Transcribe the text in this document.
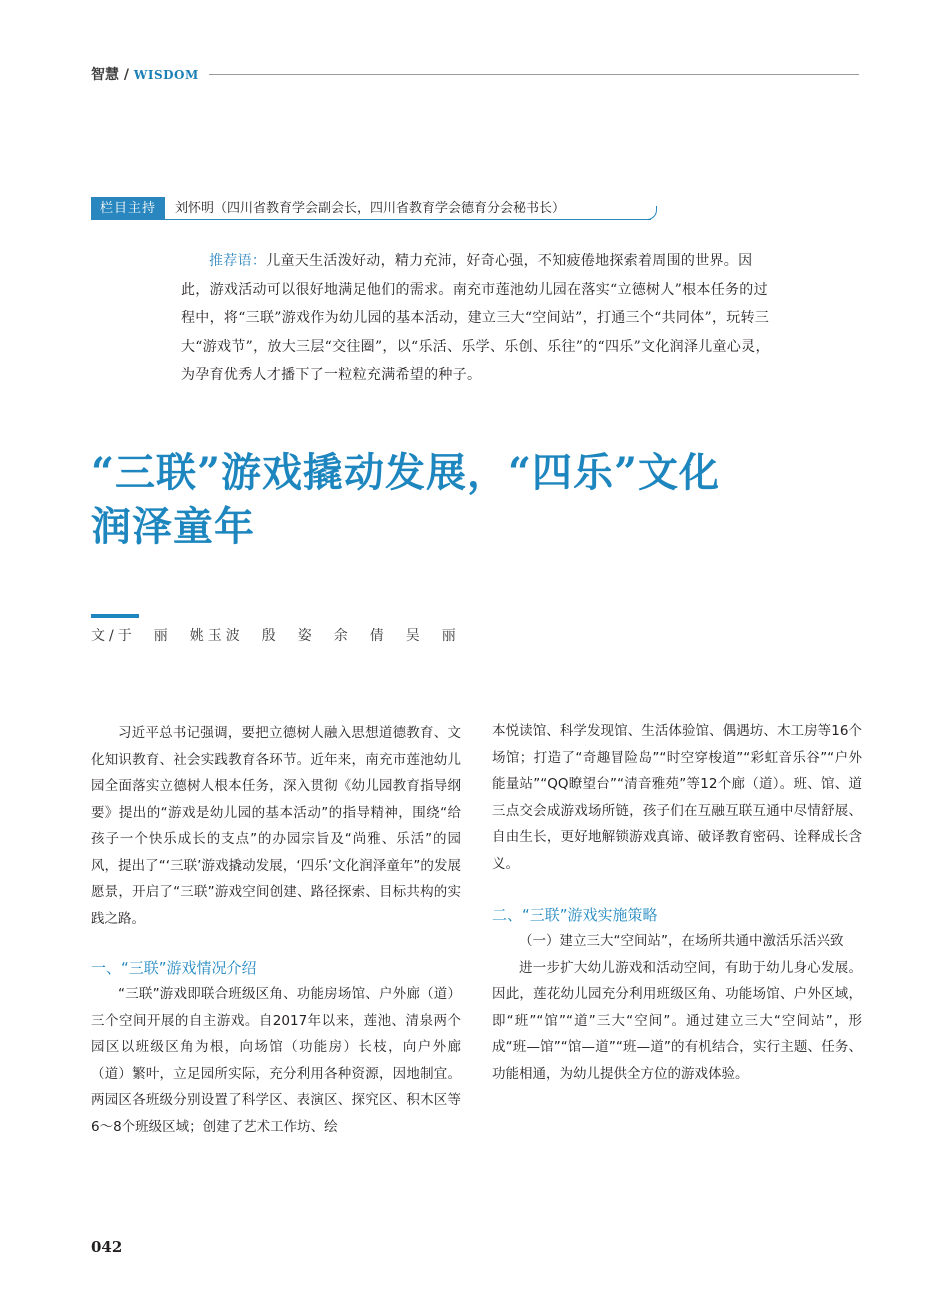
智慧 / WISDOM
栏目主持	刘怀明（四川省教育学会副会长，四川省教育学会德育分会秘书长）

推荐语：儿童天生活泼好动，精力充沛，好奇心强，不知疲倦地探索着周围的世界。因此，游戏活动可以很好地满足他们的需求。南充市莲池幼儿园在落实“立德树人”根本任务的过程中，将“三联”游戏作为幼儿园的基本活动，建立三大“空间站”，打通三个“共同体”，玩转三大“游戏节”，放大三层“交往圈”，以“乐活、乐学、乐创、乐往”的“四乐”文化润泽儿童心灵，为孕育优秀人才播下了一粒粒充满希望的种子。

“三联”游戏撬动发展，“四乐”文化
润泽童年
文/于　丽　姚玉波　殷　姿　余　倩　吴　丽

习近平总书记强调，要把立德树人融入思想道德教育、文化知识教育、社会实践教育各环节。近年来，南充市莲池幼儿园全面落实立德树人根本任务，深入贯彻《幼儿园教育指导纲要》提出的“游戏是幼儿园的基本活动”的指导精神，围绕“给孩子一个快乐成长的支点”的办园宗旨及“尚雅、乐活”的园风，提出了“‘三联’游戏撬动发展，‘四乐’文化润泽童年”的发展愿景，开启了“三联”游戏空间创建、路径探索、目标共构的实践之路。

一、“三联”游戏情况介绍

“三联”游戏即联合班级区角、功能房场馆、户外廊（道）三个空间开展的自主游戏。自2017年以来，莲池、清泉两个园区以班级区角为根，向场馆（功能房）长枝，向户外廊（道）繁叶，立足园所实际，充分利用各种资源，因地制宜。两园区各班级分别设置了科学区、表演区、探究区、积木区等6～8个班级区域；创建了艺术工作坊、绘

本悦读馆、科学发现馆、生活体验馆、偶遇坊、木工房等16个场馆；打造了“奇趣冒险岛”“时空穿梭道”“彩虹音乐谷”“户外能量站”“QQ瞭望台”“清音雅苑”等12个廊（道）。班、馆、道三点交会成游戏场所链，孩子们在互融互联互通中尽情舒展、自由生长，更好地解锁游戏真谛、破译教育密码、诠释成长含义。

二、“三联”游戏实施策略
（一）建立三大“空间站”，在场所共通中激活乐活兴致

进一步扩大幼儿游戏和活动空间，有助于幼儿身心发展。因此，莲花幼儿园充分利用班级区角、功能场馆、户外区域，即“班”“馆”“道”三大“空间”。通过建立三大“空间站”，形成“班—馆”“馆—道”“班—道”的有机结合，实行主题、任务、功能相通，为幼儿提供全方位的游戏体验。

042
